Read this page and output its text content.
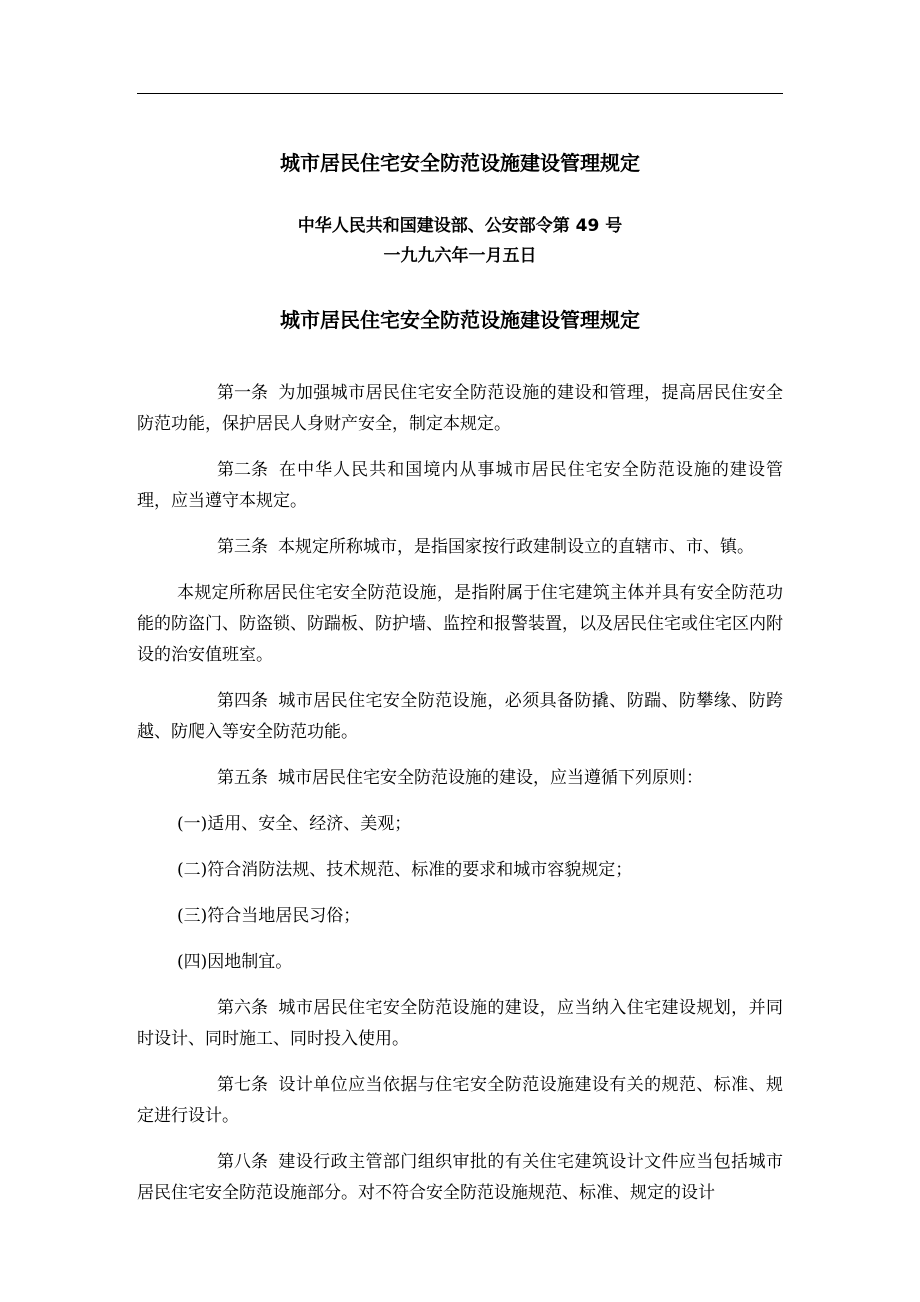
城市居民住宅安全防范设施建设管理规定
中华人民共和国建设部、公安部令第 49 号
一九九六年一月五日
城市居民住宅安全防范设施建设管理规定

第一条 为加强城市居民住宅安全防范设施的建设和管理，提高居民住安全防范功能，保护居民人身财产安全，制定本规定。

第二条 在中华人民共和国境内从事城市居民住宅安全防范设施的建设管理，应当遵守本规定。

第三条 本规定所称城市，是指国家按行政建制设立的直辖市、市、镇。

本规定所称居民住宅安全防范设施，是指附属于住宅建筑主体并具有安全防范功能的防盗门、防盗锁、防踹板、防护墙、监控和报警装置，以及居民住宅或住宅区内附设的治安值班室。

第四条 城市居民住宅安全防范设施，必须具备防撬、防踹、防攀缘、防跨越、防爬入等安全防范功能。

第五条 城市居民住宅安全防范设施的建设，应当遵循下列原则：

(一)适用、安全、经济、美观；

(二)符合消防法规、技术规范、标准的要求和城市容貌规定；

(三)符合当地居民习俗；

(四)因地制宜。

第六条 城市居民住宅安全防范设施的建设，应当纳入住宅建设规划，并同时设计、同时施工、同时投入使用。

第七条 设计单位应当依据与住宅安全防范设施建设有关的规范、标准、规定进行设计。

第八条 建设行政主管部门组织审批的有关住宅建筑设计文件应当包括城市居民住宅安全防范设施部分。对不符合安全防范设施规范、标准、规定的设计
